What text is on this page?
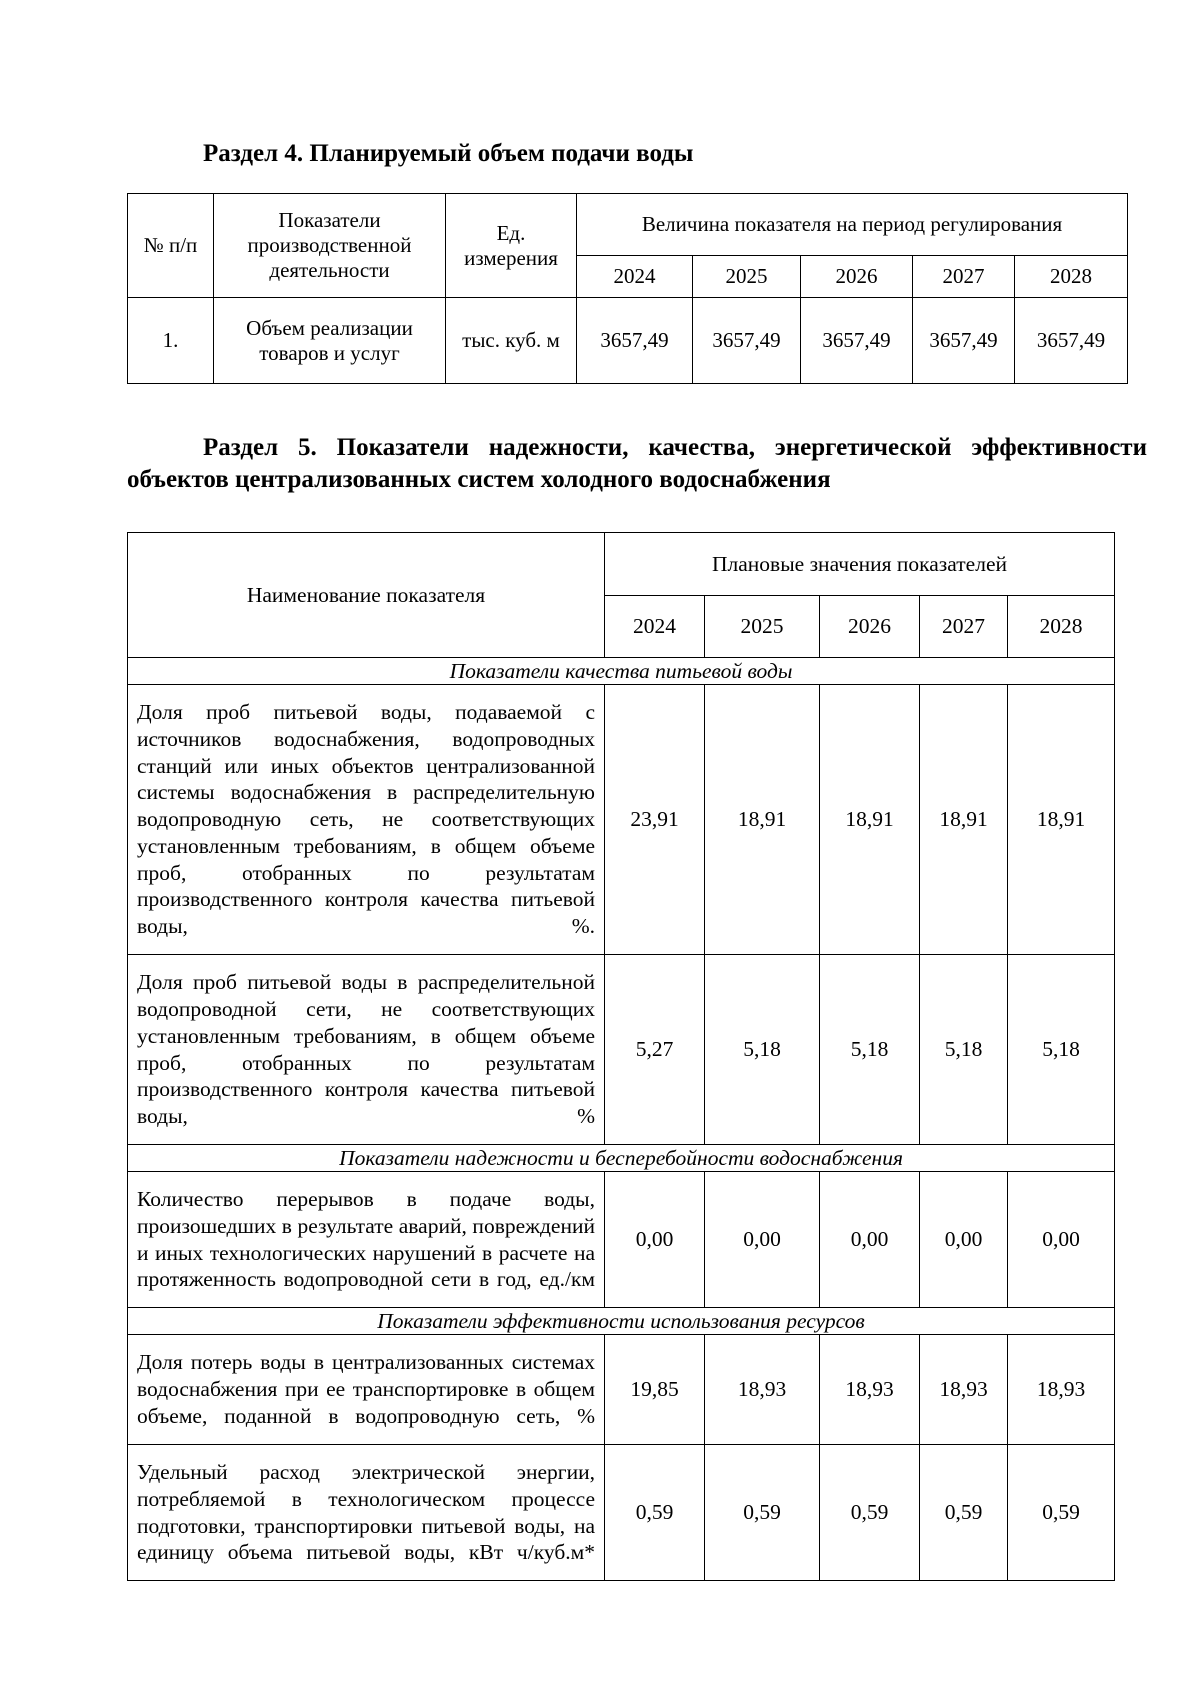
Раздел 4. Планируемый объем подачи воды

№ п/п	Показатели производственной деятельности	Ед. измерения	Величина показателя на период регулирования				
			2024	2025	2026	2027	2028
1.	Объем реализации товаров и услуг	тыс. куб. м	3657,49	3657,49	3657,49	3657,49	3657,49

Раздел 5. Показатели надежности, качества, энергетической эффективности объектов централизованных систем холодного водоснабжения

Наименование показателя	Плановые значения показателей				
	2024	2025	2026	2027	2028
Показатели качества питьевой воды					
Доля проб питьевой воды, подаваемой с источников водоснабжения, водопроводных станций или иных объектов централизованной системы водоснабжения в распределительную водопроводную сеть, не соответствующих установленным требованиям, в общем объеме проб, отобранных по результатам производственного контроля качества питьевой воды, %.	23,91	18,91	18,91	18,91	18,91
Доля проб питьевой воды в распределительной водопроводной сети, не соответствующих установленным требованиям, в общем объеме проб, отобранных по результатам производственного контроля качества питьевой воды, %	5,27	5,18	5,18	5,18	5,18
Показатели надежности и бесперебойности водоснабжения					
Количество перерывов в подаче воды, произошедших в результате аварий, повреждений и иных технологических нарушений в расчете на протяженность водопроводной сети в год, ед./км	0,00	0,00	0,00	0,00	0,00
Показатели эффективности использования ресурсов					
Доля потерь воды в централизованных системах водоснабжения при ее транспортировке в общем объеме, поданной в водопроводную сеть, %	19,85	18,93	18,93	18,93	18,93
Удельный расход электрической энергии, потребляемой в технологическом процессе подготовки, транспортировки питьевой воды, на единицу объема питьевой воды, кВт ч/куб.м*	0,59	0,59	0,59	0,59	0,59
